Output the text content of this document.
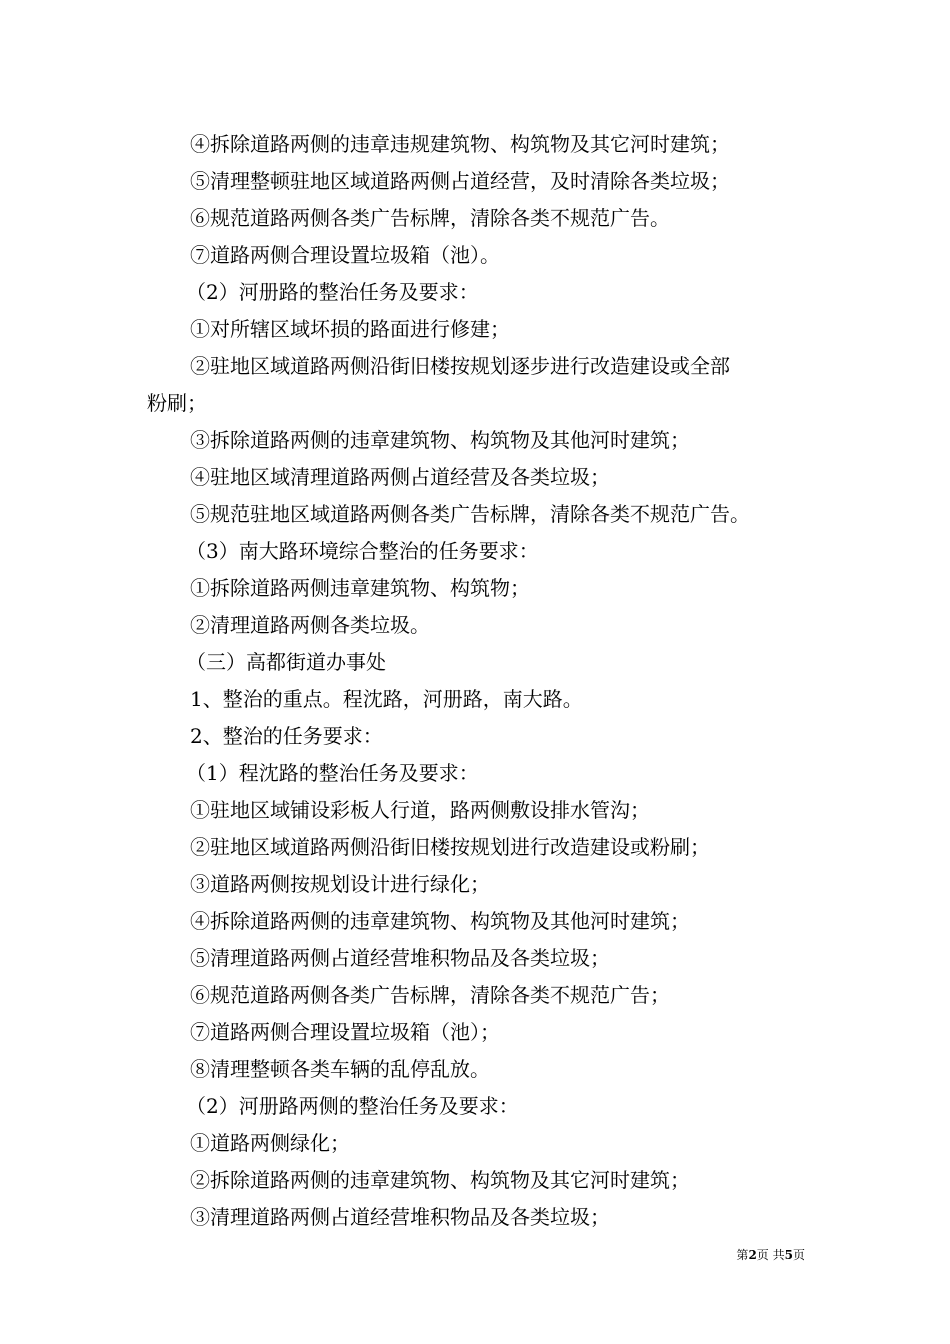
④拆除道路两侧的违章违规建筑物、构筑物及其它河时建筑；
⑤清理整顿驻地区域道路两侧占道经营，及时清除各类垃圾；
⑥规范道路两侧各类广告标牌，清除各类不规范广告。
⑦道路两侧合理设置垃圾箱（池）。
（2）河册路的整治任务及要求：
①对所辖区域坏损的路面进行修建；
②驻地区域道路两侧沿街旧楼按规划逐步进行改造建设或全部
粉刷；
③拆除道路两侧的违章建筑物、构筑物及其他河时建筑；
④驻地区域清理道路两侧占道经营及各类垃圾；
⑤规范驻地区域道路两侧各类广告标牌，清除各类不规范广告。
（3）南大路环境综合整治的任务要求：
①拆除道路两侧违章建筑物、构筑物；
②清理道路两侧各类垃圾。
（三）高都街道办事处
1、整治的重点。程沈路，河册路，南大路。
2、整治的任务要求：
（1）程沈路的整治任务及要求：
①驻地区域铺设彩板人行道，路两侧敷设排水管沟；
②驻地区域道路两侧沿街旧楼按规划进行改造建设或粉刷；
③道路两侧按规划设计进行绿化；
④拆除道路两侧的违章建筑物、构筑物及其他河时建筑；
⑤清理道路两侧占道经营堆积物品及各类垃圾；
⑥规范道路两侧各类广告标牌，清除各类不规范广告；
⑦道路两侧合理设置垃圾箱（池）；
⑧清理整顿各类车辆的乱停乱放。
（2）河册路两侧的整治任务及要求：
①道路两侧绿化；
②拆除道路两侧的违章建筑物、构筑物及其它河时建筑；
③清理道路两侧占道经营堆积物品及各类垃圾；
第2页 共5页
